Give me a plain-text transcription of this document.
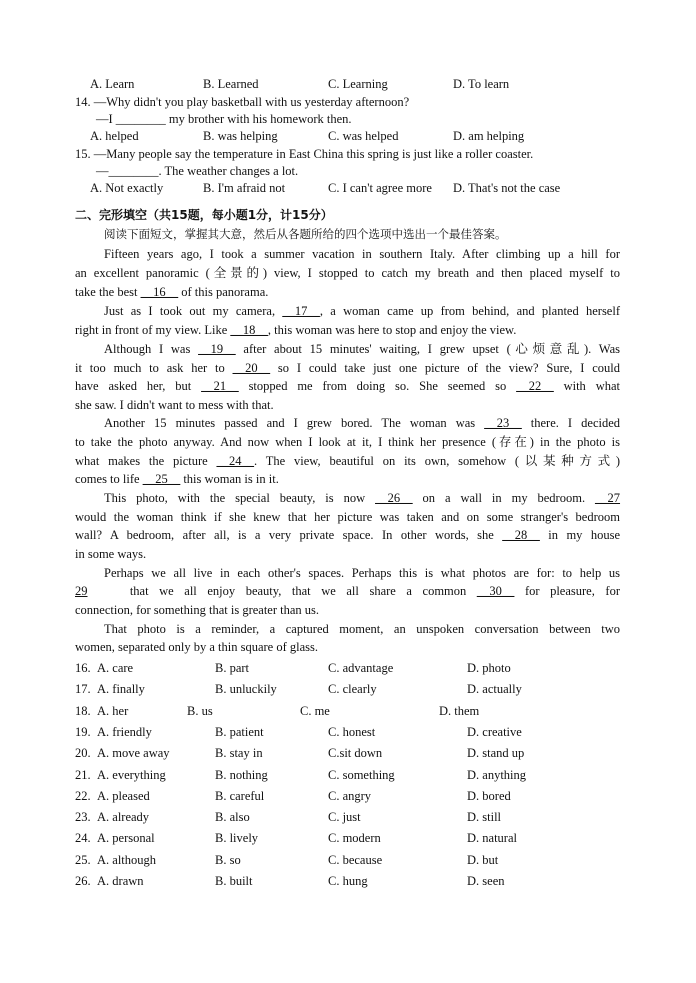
A. Learn	B. Learned	C. Learning	D. To learn
14. —Why didn't you play basketball with us yesterday afternoon?
—I ________ my brother with his homework then.
A. helped	B. was helping	C. was helped	D. am helping
15. —Many people say the temperature in East China this spring is just like a roller coaster.
—________. The weather changes a lot.
A. Not exactly	B. I'm afraid not	C. I can't agree more D. That's not the case
二、完形填空（共15题，每小题1分，计15分）
阅读下面短文，掌握其大意，然后从各题所给的四个选项中选出一个最佳答案。
Fifteen years ago, I took a summer vacation in southern Italy. After climbing up a hill for
an excellent panoramic (全景的) view, I stopped to catch my breath and then placed myself to
take the best __16__ of this panorama.
Just as I took out my camera, __17__, a woman came up from behind, and planted herself
right in front of my view. Like __18__, this woman was here to stop and enjoy the view.
Although I was __19__ after about 15 minutes' waiting, I grew upset (心烦意乱). Was
it too much to ask her to __20__ so I could take just one picture of the view? Sure, I could
have asked her, but __21__ stopped me from doing so. She seemed so __22__ with what
she saw. I didn't want to mess with that.
Another 15 minutes passed and I grew bored. The woman was __23__ there. I decided
to take the photo anyway. And now when I look at it, I think her presence (存在) in the photo is
what makes the picture __24__. The view, beautiful on its own, somehow (以某种方式)
comes to life __25__ this woman is in it.
This photo, with the special beauty, is now __26__ on a wall in my bedroom. __27
would the woman think if she knew that her picture was taken and on some stranger's bedroom
wall? A bedroom, after all, is a very private space. In other words, she __28__ in my house
in some ways.
Perhaps we all live in each other's spaces. Perhaps this is what photos are for: to help us
29	that we all enjoy beauty, that we all share a common __30__ for pleasure, for
connection, for something that is greater than us.
That photo is a reminder, a captured moment, an unspoken conversation between two
women, separated only by a thin square of glass.
16. A. care	B. part	C. advantage	D. photo
17. A. finally	B. unluckily	C. clearly	D. actually
18. A. her	B. us	C. me	D. them
19. A. friendly	B. patient	C. honest	D. creative
20. A. move away	B. stay in	C.sit down	D. stand up
21. A. everything	B. nothing	C. something	D. anything
22. A. pleased	B. careful	C. angry	D. bored
23. A. already	B. also	C. just	D. still
24. A. personal	B. lively	C. modern	D. natural
25. A. although	B. so	C. because	D. but
26. A. drawn	B. built	C. hung	D. seen
